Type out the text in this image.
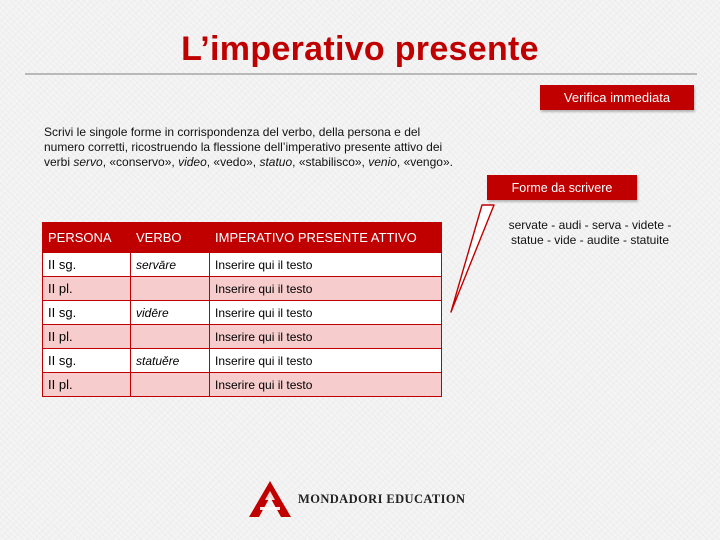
L’imperativo presente
Verifica immediata
Scrivi le singole forme in corrispondenza del verbo, della persona e del
numero corretti, ricostruendo la flessione dell’imperativo presente attivo dei
verbi servo, «conservo», video, «vedo», statuo, «stabilisco», venio, «vengo».
Forme da scrivere
servate - audi - serva - videte -
statue - vide - audite - statuite
PERSONA	VERBO	IMPERATIVO PRESENTE ATTIVO
II sg.	servāre	Inserire qui il testo
II pl.		Inserire qui il testo
II sg.	vidēre	Inserire qui il testo
II pl.		Inserire qui il testo
II sg.	statuěre	Inserire qui il testo
II pl.		Inserire qui il testo
MONDADORI EDUCATION
